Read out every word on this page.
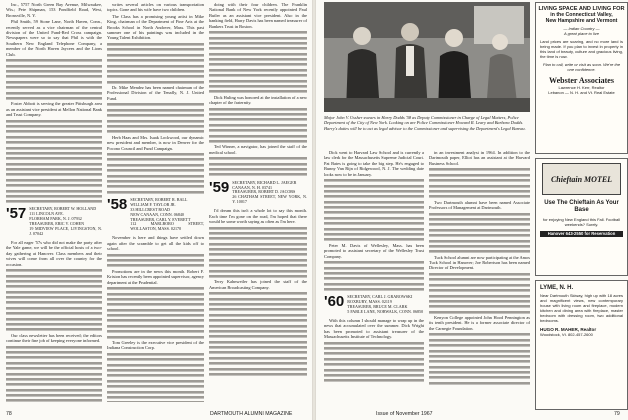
Inc., 5757 North Green Bay Avenue, Milwaukee, Wis.; Pete Shipman, 153 Pondfield Road, West, Bronxville, N. Y.

Phil Smith, 59 Stone Lane, North Haven, Conn., recently served as a vice chairman of the central division of the United Fund-Red Cross campaign. Newspapers were so to say that Phil is with the Southern New England Telephone Company, a member of the North Haven Jaycees and the Lions Club.

Foster Abbott is serving the greater Pittsburgh area as an assistant vice president at Mellon National Bank and Trust Company.

'57 SECRETARY, ROBERT W. HOLLAND
111 LINCOLN AVE.
FLORHAM PARK, N. J. 07932
TREASURER, ERIC V. COHEN
19 MIDVIEW PLACE, LIVINGSTON, N. J. 07042

For all eager '57s who did not make the party after the Yale game, we will be the official hosts of a two-day gathering at Hanover. Class members and their wives will come from all over the country for the occasion.

Our class newsletter has been received; the editors continue their fine job of keeping everyone informed.

writes several articles on various transportation topics. Gone and his wife have two children.

The Class has a promising young artist in Mike King, chairman of the Department of Fine Arts at the Brooks School in North Andover, Mass. This past summer one of his paintings was included in the Young Talent Exhibition.

Dr. Mike Mendez has been named chairman of the Professional Division of the Tenafly, N. J. United Fund.

Herb Haas and Mrs. Isaak Lockwood, our dynamic new president and member, is now in Denver for the Pocono Council and Fund Campaign.

'58 SECRETARY, ROBERT R. BALL
WILLIAM F. TAYLOR JR.
33 HILLCREST ROAD
NEW CANAAN, CONN. 06840
TREASURER, CARL Y. EVERETT
112 MARLBORO STREET, WOLLASTON, MASS. 02170

November is here and things have settled down again after the scramble to get all the kids off to school.

Promotions are in the news this month. Robert F. Kriston has recently been appointed supervisor, agency department at the Prudential.

Tom Greeley is the executive vice president of the Indiana Construction Corp.

doing with their four children. The Franklin National Bank of New York recently appointed Paul Butler as an assistant vice president. Also in the banking field, Harry Davis has been named treasurer of Bankers Trust in Boston.

Dick Huling was honored at the installation of a new chapter of the fraternity.

Ted Winner, a navigator, has joined the staff of the medical school.

'59 SECRETARY, RICHARD L. JAEGER
CANAAN, N. H. 03741
TREASURER, ROBERT D. JACOBS
26 CHATHAM STREET, NEW YORK, N. Y. 10017

I'd dream this isn't a whole lot to say this month. Each time I'm gone on the road, I'm hoped that there would be some worth saying as often as I'm here.

Terry Kahnweiler has joined the staff of the American Broadcasting Company.

78	DARTMOUTH ALUMNI MAGAZINE
Major John V. Ussher swears in Harry Dodds '58 as Deputy Commissioner in Charge of Legal Matters, Police Department of the City of New York. Looking on are Police Commissioner Howard R. Leary and Barbara Dodds. Harry's duties will be to act as legal advisor to the Commissioner and supervising the Department's Legal Bureau.

Dick went to Harvard Law School and is currently a law clerk for the Massachusetts Supreme Judicial Court. Pat Bates is going to take the big step. He's engaged to Bunny Van Rijn of Ridgewood, N. J. The wedding date looks now to be in January.

Peter M. Davis of Wellesley, Mass. has been promoted to assistant secretary of the Wellesley Trust Company.

'60 SECRETARY, CARL J. GRABOWSKI
ROXBURY, MASS. 02119
TREASURER, BRUCE M. CLARK
5 FABLE LANE, NORWALK, CONN. 06850

With this column I should manage to wrap up in the news that accumulated over the summer. Dick Wright has been promoted to assistant treasurer of the Massachusetts Institute of Technology.

in an investment analyst in 1964. In addition to the Dartmouth paper, Elliot has an assistant at the Harvard Business School.

Two Dartmouth alumni have been named Associate Professors of Management at Dartmouth.

Tuck School alumni are now participating at the Amos Tuck School in Hanover; Joe Robertson has been named Director of Development.

Kenyon College appointed John Hood Pennington as its tenth president. He is a former associate director of the Carnegie Foundation.

Issue of November 1967	79
LIVING SPACE AND LIVING FOR
in the Connecticut Valley,
New Hampshire and Vermont
— Indian Country —
A great place to live
Land prices are soaring, and no more land is being made. If you plan to invest in property in this land of beauty, culture and gracious living, the time is now.
Plan to call, write or visit as soon. We're the one confidence.
Webster Associates
Lawrence H. Kerr, Realtor
Lebanon — N. H. and Vt. Real Estate
Chieftain MOTEL
Use The Chieftain As Your Base
for enjoying New England this Fall. Football weekends? Surely.
Hanover 643-2550 for Reservation
LYME, N. H.
Near Dartmouth Skiway, high up with 18 acres and magnificent views, new contemporary house with living room and fireplace, modern kitchen and dining area with fireplace, master bedroom with dressing room, two additional bedrooms.
HUGO R. MAHER, Realtor
Woodstock, Vt. 802-457-2600
